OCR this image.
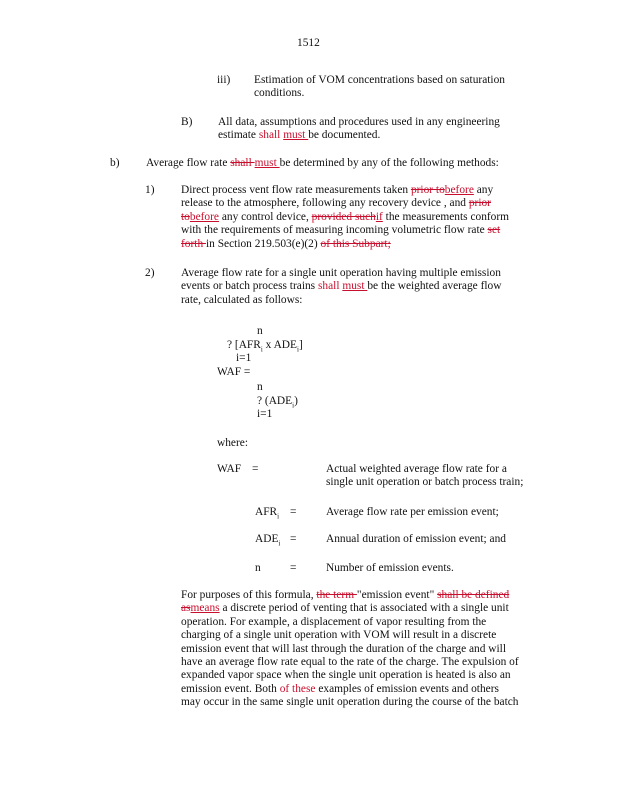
1512
iii) Estimation of VOM concentrations based on saturation
conditions.
B) All data, assumptions and procedures used in any engineering
estimate shall must be documented.
b) Average flow rate shall must be determined by any of the following methods:
1) Direct process vent flow rate measurements taken prior tobefore any
release to the atmosphere, following any recovery device , and prior
tobefore any control device, provided suchif the measurements conform
with the requirements of measuring incoming volumetric flow rate set
forth in Section 219.503(e)(2) of this Subpart;
2) Average flow rate for a single unit operation having multiple emission
events or batch process trains shall must be the weighted average flow
rate, calculated as follows:
n
? [$AFR_i$ x $ADE_i$]
i=1
WAF =
n
? $(ADE_i)$
i=1
where:
WAF =	Actual weighted average flow rate for a
single unit operation or batch process train;
$AFR_i$ =	Average flow rate per emission event;
$ADE_i$ =	Annual duration of emission event; and
n	=	Number of emission events.
For purposes of this formula, the term "emission event" shall be defined
asmeans a discrete period of venting that is associated with a single unit
operation. For example, a displacement of vapor resulting from the
charging of a single unit operation with VOM will result in a discrete
emission event that will last through the duration of the charge and will
have an average flow rate equal to the rate of the charge. The expulsion of
expanded vapor space when the single unit operation is heated is also an
emission event. Both of these examples of emission events and others
may occur in the same single unit operation during the course of the batch
